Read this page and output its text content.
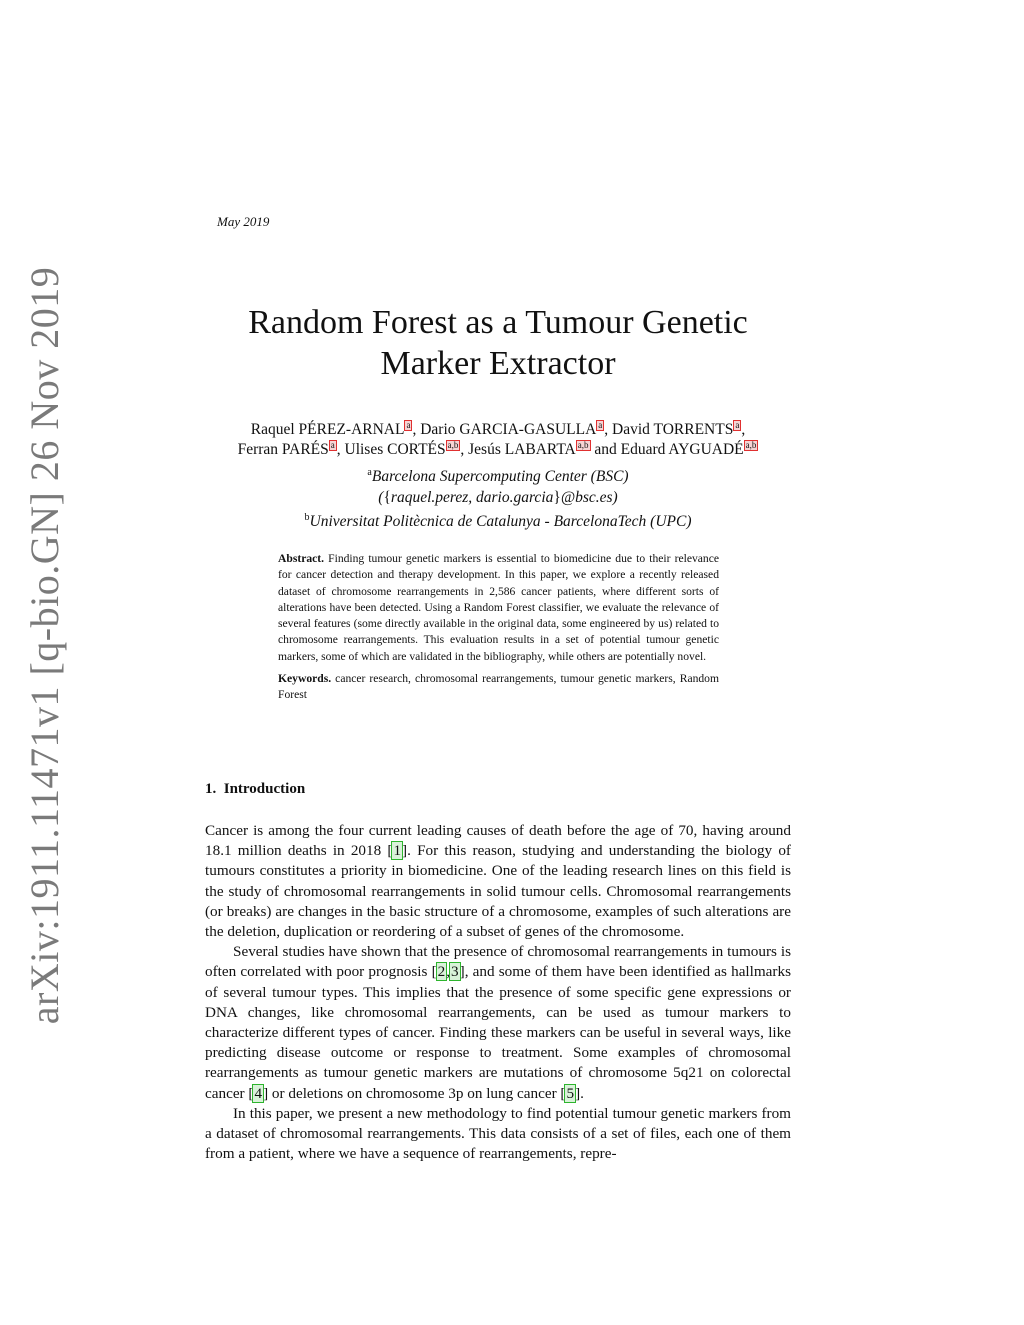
arXiv:1911.11471v1 [q-bio.GN] 26 Nov 2019
May 2019
Random Forest as a Tumour Genetic
Marker Extractor
Raquel PÉREZ-ARNAL a , Dario GARCIA-GASULLA a , David TORRENTS a ,
Ferran PARÉS a , Ulises CORTÉS a,b , Jesús LABARTA a,b and Eduard AYGUADÉ a,b
$^a$Barcelona Supercomputing Center (BSC)
({raquel.perez, dario.garcia}@bsc.es)
$^b$Universitat Politècnica de Catalunya - BarcelonaTech (UPC)

Abstract. Finding tumour genetic markers is essential to biomedicine due to their relevance for cancer detection and therapy development. In this paper, we explore a recently released dataset of chromosome rearrangements in 2,586 cancer patients, where different sorts of alterations have been detected. Using a Random Forest classifier, we evaluate the relevance of several features (some directly available in the original data, some engineered by us) related to chromosome rearrangements. This evaluation results in a set of potential tumour genetic markers, some of which are validated in the bibliography, while others are potentially novel.

Keywords. cancer research, chromosomal rearrangements, tumour genetic markers, Random Forest

1. Introduction

Cancer is among the four current leading causes of death before the age of 70, having around 18.1 million deaths in 2018 [1]. For this reason, studying and understanding the biology of tumours constitutes a priority in biomedicine. One of the leading research lines on this field is the study of chromosomal rearrangements in solid tumour cells. Chromosomal rearrangements (or breaks) are changes in the basic structure of a chromosome, examples of such alterations are the deletion, duplication or reordering of a subset of genes of the chromosome.

Several studies have shown that the presence of chromosomal rearrangements in tumours is often correlated with poor prognosis [2,3], and some of them have been identified as hallmarks of several tumour types. This implies that the presence of some specific gene expressions or DNA changes, like chromosomal rearrangements, can be used as tumour markers to characterize different types of cancer. Finding these markers can be useful in several ways, like predicting disease outcome or response to treatment. Some examples of chromosomal rearrangements as tumour genetic markers are mutations of chromosome 5q21 on colorectal cancer [4] or deletions on chromosome 3p on lung cancer [5].

In this paper, we present a new methodology to find potential tumour genetic markers from a dataset of chromosomal rearrangements. This data consists of a set of files, each one of them from a patient, where we have a sequence of rearrangements, repre-
